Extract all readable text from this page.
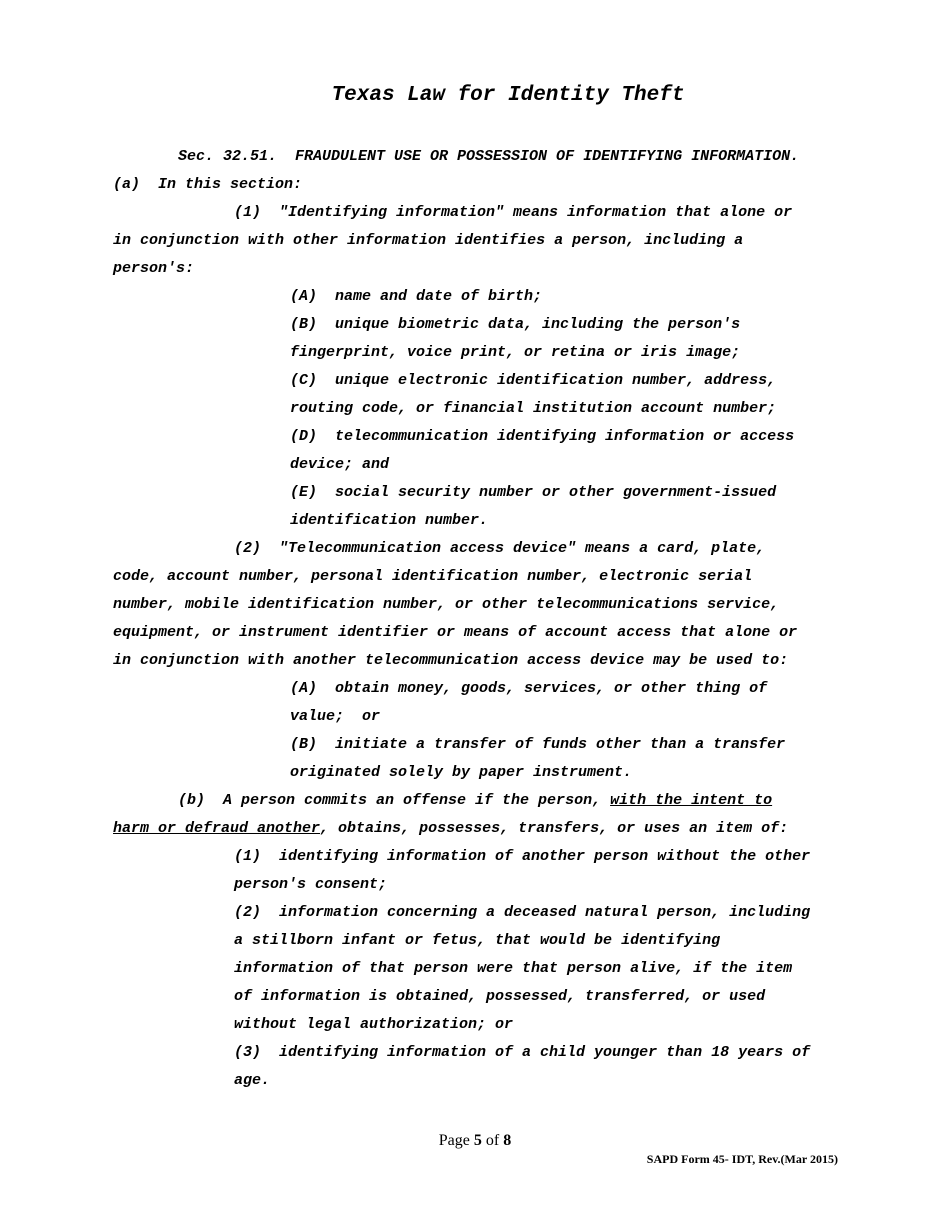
Texas Law for Identity Theft
Sec. 32.51.  FRAUDULENT USE OR POSSESSION OF IDENTIFYING INFORMATION.
(a)  In this section:
(1)  "Identifying information" means information that alone or
in conjunction with other information identifies a person, including a
person's:
(A)  name and date of birth;
(B)  unique biometric data, including the person's
fingerprint, voice print, or retina or iris image;
(C)  unique electronic identification number, address,
routing code, or financial institution account number;
(D)  telecommunication identifying information or access
device; and
(E)  social security number or other government-issued
identification number.
(2)  "Telecommunication access device" means a card, plate,
code, account number, personal identification number, electronic serial
number, mobile identification number, or other telecommunications service,
equipment, or instrument identifier or means of account access that alone or
in conjunction with another telecommunication access device may be used to:
(A)  obtain money, goods, services, or other thing of
value;  or
(B)  initiate a transfer of funds other than a transfer
originated solely by paper instrument.
(b)  A person commits an offense if the person, with the intent to
harm or defraud another, obtains, possesses, transfers, or uses an item of:
(1)  identifying information of another person without the other
person's consent;
(2)  information concerning a deceased natural person, including
a stillborn infant or fetus, that would be identifying
information of that person were that person alive, if the item
of information is obtained, possessed, transferred, or used
without legal authorization; or
(3)  identifying information of a child younger than 18 years of
age.
Page 5 of 8
SAPD Form 45- IDT, Rev.(Mar 2015)
